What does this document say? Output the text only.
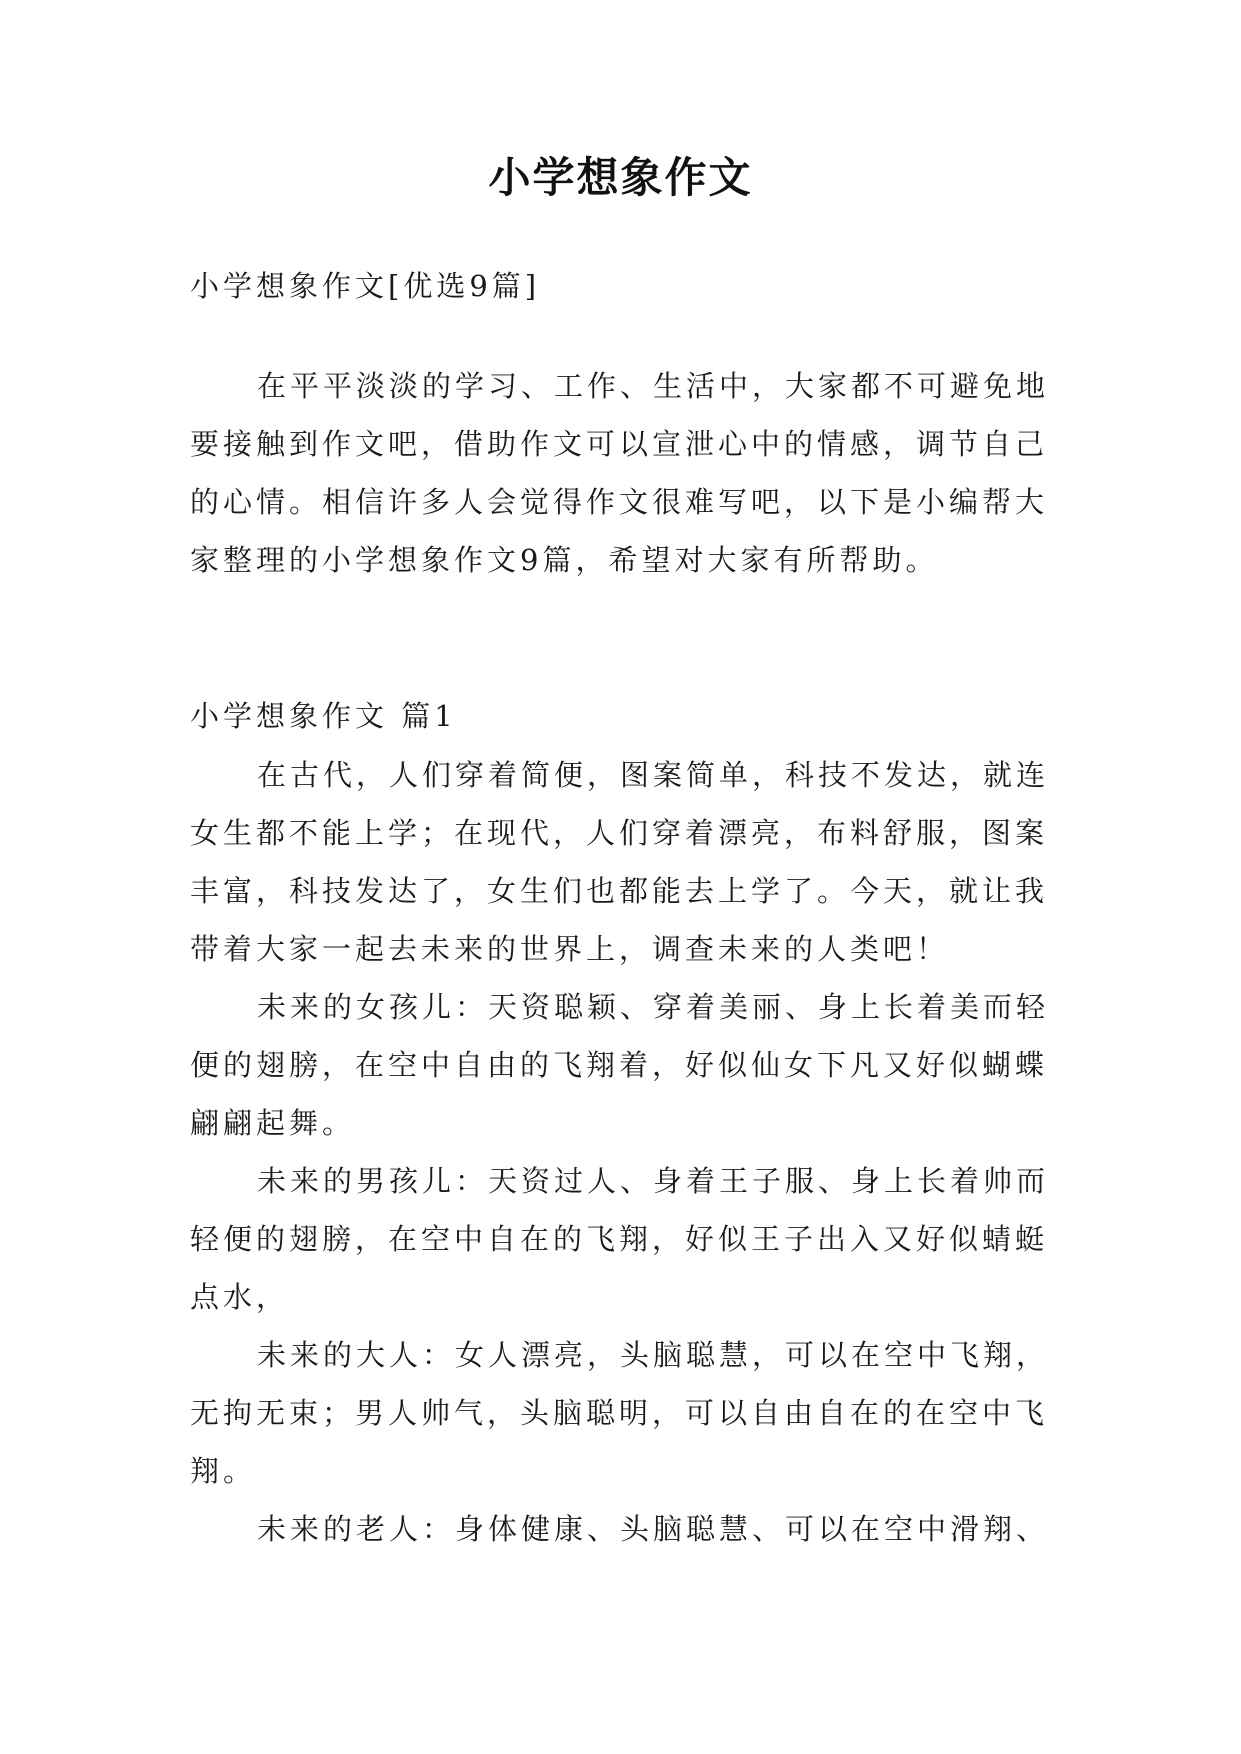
小学想象作文
小学想象作文[优选9篇]
在平平淡淡的学习、工作、生活中，大家都不可避免地
要接触到作文吧，借助作文可以宣泄心中的情感，调节自己
的心情。相信许多人会觉得作文很难写吧，以下是小编帮大
家整理的小学想象作文9篇，希望对大家有所帮助。
小学想象作文 篇1
在古代，人们穿着简便，图案简单，科技不发达，就连
女生都不能上学；在现代，人们穿着漂亮，布料舒服，图案
丰富，科技发达了，女生们也都能去上学了。今天，就让我
带着大家一起去未来的世界上，调查未来的人类吧！
未来的女孩儿：天资聪颖、穿着美丽、身上长着美而轻
便的翅膀，在空中自由的飞翔着，好似仙女下凡又好似蝴蝶
翩翩起舞。
未来的男孩儿：天资过人、身着王子服、身上长着帅而
轻便的翅膀，在空中自在的飞翔，好似王子出入又好似蜻蜓
点水，
未来的大人：女人漂亮，头脑聪慧，可以在空中飞翔，
无拘无束；男人帅气，头脑聪明，可以自由自在的在空中飞
翔。
未来的老人：身体健康、头脑聪慧、可以在空中滑翔、
